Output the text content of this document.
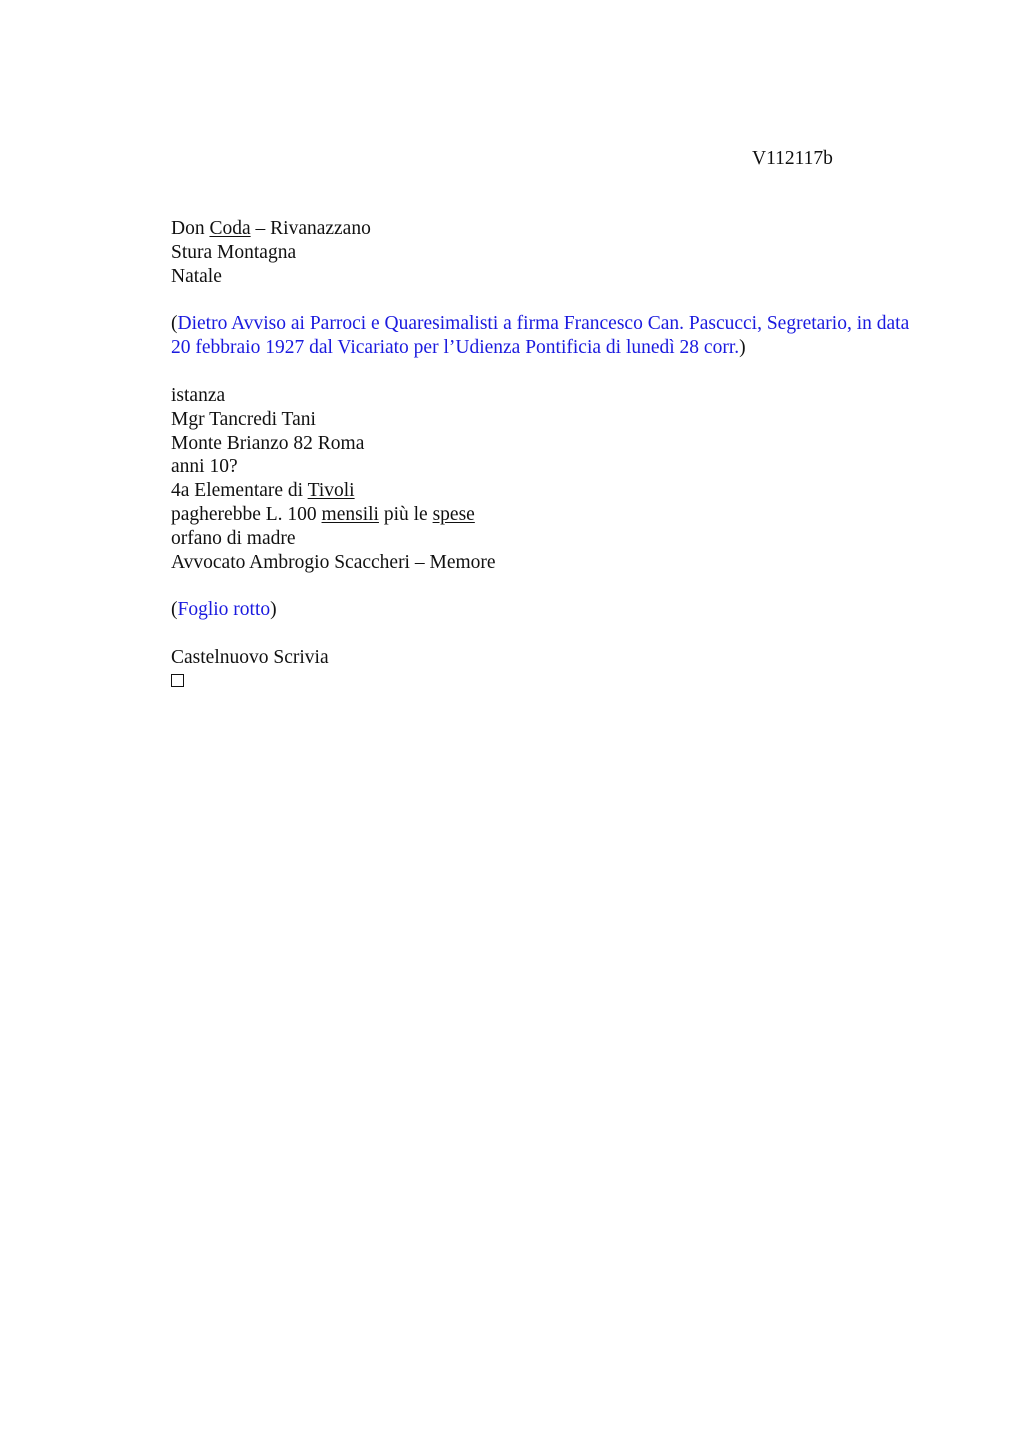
V112117b
Don Coda – Rivanazzano
Stura Montagna
Natale
(Dietro Avviso ai Parroci e Quaresimalisti a firma Francesco Can. Pascucci, Segretario, in data 20 febbraio 1927 dal Vicariato per l’Udienza Pontificia di lunedì 28 corr.)
istanza
Mgr Tancredi Tani
Monte Brianzo 82 Roma
anni 10?
4a Elementare di Tivoli
pagherebbe L. 100 mensili più le spese
orfano di madre
Avvocato Ambrogio Scaccheri – Memore
(Foglio rotto)
Castelnuovo Scrivia
